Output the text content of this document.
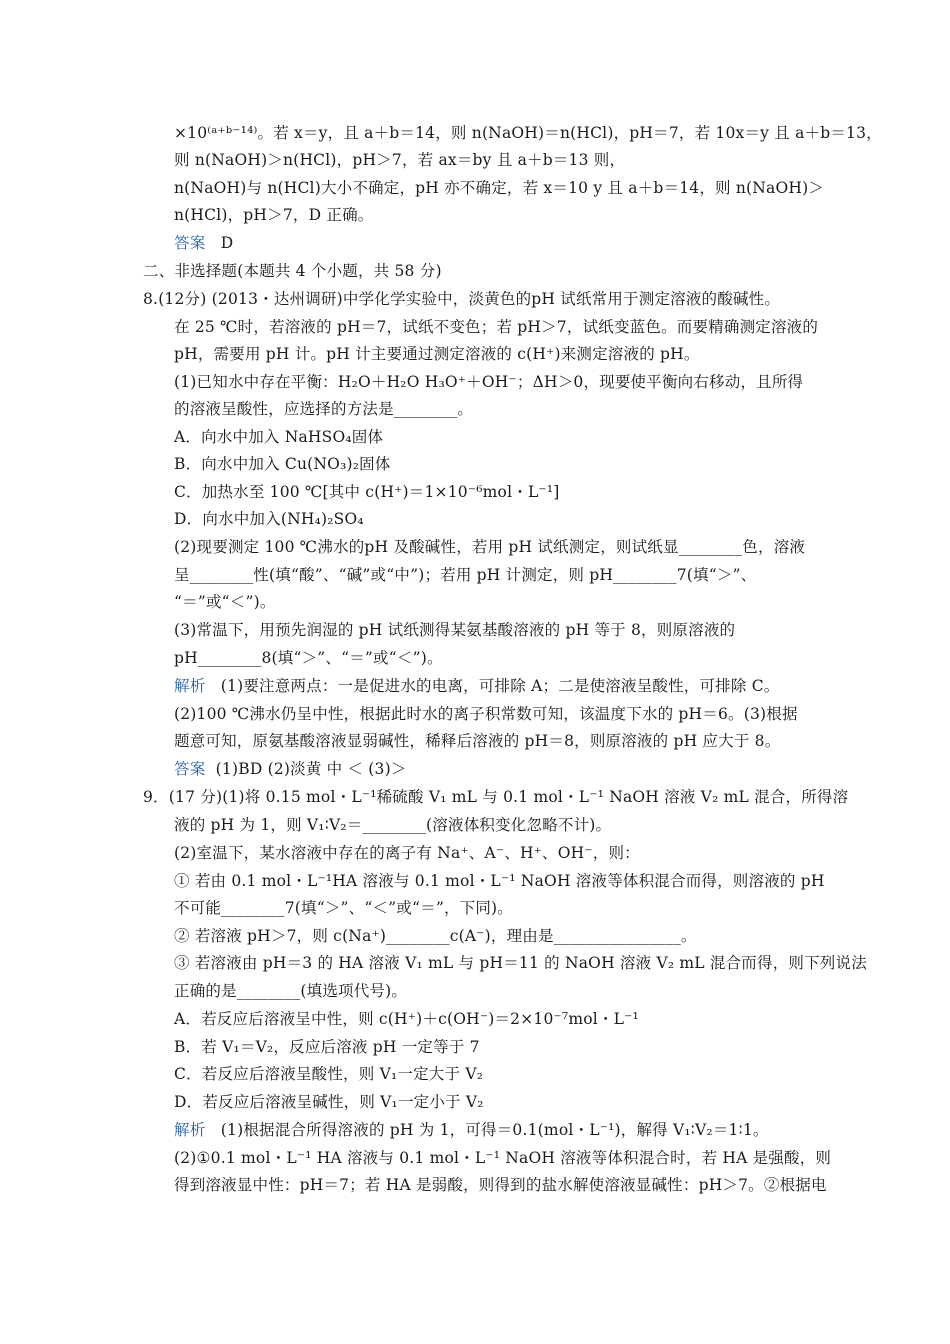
×10⁽ᵃ⁺ᵇ⁻¹⁴⁾。若 x＝y，且 a＋b＝14，则 n(NaOH)＝n(HCl)，pH＝7，若 10x＝y 且 a＋b＝13，
则 n(NaOH)＞n(HCl)，pH＞7，若 ax＝by 且 a＋b＝13 则，
n(NaOH)与 n(HCl)大小不确定，pH 亦不确定，若 x＝10 y 且 a＋b＝14，则 n(NaOH)＞
n(HCl)，pH＞7，D 正确。
答案 D
二、非选择题(本题共 4 个小题，共 58 分)
8.(12分) (2013・达州调研)中学化学实验中，淡黄色的pH 试纸常用于测定溶液的酸碱性。
在 25 ℃时，若溶液的 pH＝7，试纸不变色；若 pH＞7，试纸变蓝色。而要精确测定溶液的
pH，需要用 pH 计。pH 计主要通过测定溶液的 c(H⁺)来测定溶液的 pH。
(1)已知水中存在平衡：H₂O＋H₂O H₃O⁺＋OH⁻；ΔH＞0，现要使平衡向右移动，且所得
的溶液呈酸性，应选择的方法是________。
A．向水中加入 NaHSO₄固体
B．向水中加入 Cu(NO₃)₂固体
C．加热水至 100 ℃[其中 c(H⁺)＝1×10⁻⁶mol・L⁻¹]
D．向水中加入(NH₄)₂SO₄
(2)现要测定 100 ℃沸水的pH 及酸碱性，若用 pH 试纸测定，则试纸显________色，溶液
呈________性(填“酸”、“碱”或“中”)；若用 pH 计测定，则 pH________7(填“＞”、
“＝”或“＜”)。
(3)常温下，用预先润湿的 pH 试纸测得某氨基酸溶液的 pH 等于 8，则原溶液的
pH________8(填“＞”、“＝”或“＜”)。
解析 (1)要注意两点：一是促进水的电离，可排除 A；二是使溶液呈酸性，可排除 C。
(2)100 ℃沸水仍呈中性，根据此时水的离子积常数可知，该温度下水的 pH＝6。(3)根据
题意可知，原氨基酸溶液显弱碱性，稀释后溶液的 pH＝8，则原溶液的 pH 应大于 8。
答案 (1)BD (2)淡黄 中 ＜ (3)＞
9．(17 分)(1)将 0.15 mol・L⁻¹稀硫酸 V₁ mL 与 0.1 mol・L⁻¹ NaOH 溶液 V₂ mL 混合，所得溶
液的 pH 为 1，则 V₁∶V₂＝________(溶液体积变化忽略不计)。
(2)室温下，某水溶液中存在的离子有 Na⁺、A⁻、H⁺、OH⁻，则：
① 若由 0.1 mol・L⁻¹HA 溶液与 0.1 mol・L⁻¹ NaOH 溶液等体积混合而得，则溶液的 pH
不可能________7(填“＞”、“＜”或“＝”，下同)。
② 若溶液 pH＞7，则 c(Na⁺)________c(A⁻)，理由是________________。
③ 若溶液由 pH＝3 的 HA 溶液 V₁ mL 与 pH＝11 的 NaOH 溶液 V₂ mL 混合而得，则下列说法
正确的是________(填选项代号)。
A．若反应后溶液呈中性，则 c(H⁺)＋c(OH⁻)＝2×10⁻⁷mol・L⁻¹
B．若 V₁＝V₂，反应后溶液 pH 一定等于 7
C．若反应后溶液呈酸性，则 V₁一定大于 V₂
D．若反应后溶液呈碱性，则 V₁一定小于 V₂
解析 (1)根据混合所得溶液的 pH 为 1，可得＝0.1(mol・L⁻¹)，解得 V₁∶V₂＝1∶1。
(2)①0.1 mol・L⁻¹ HA 溶液与 0.1 mol・L⁻¹ NaOH 溶液等体积混合时，若 HA 是强酸，则
得到溶液显中性：pH＝7；若 HA 是弱酸，则得到的盐水解使溶液显碱性：pH＞7。②根据电
